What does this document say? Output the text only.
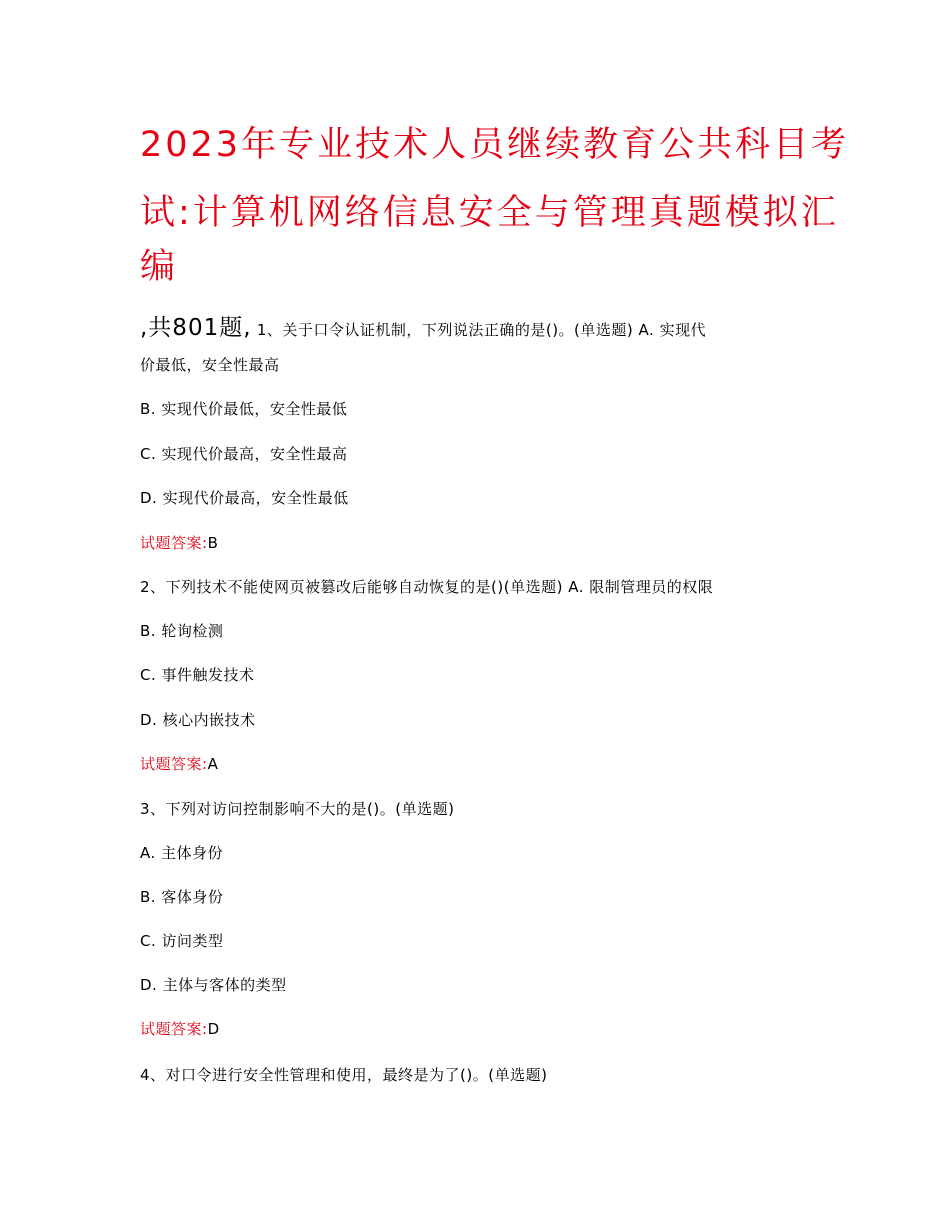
2023年专业技术人员继续教育公共科目考
试:计算机网络信息安全与管理真题模拟汇
编
,共801题, 1、关于口令认证机制，下列说法正确的是()。(单选题) A. 实现代
价最低，安全性最高
B. 实现代价最低，安全性最低
C. 实现代价最高，安全性最高
D. 实现代价最高，安全性最低
试题答案:B
2、下列技术不能使网页被篡改后能够自动恢复的是()(单选题) A. 限制管理员的权限
B. 轮询检测
C. 事件触发技术
D. 核心内嵌技术
试题答案:A
3、下列对访问控制影响不大的是()。(单选题)
A. 主体身份
B. 客体身份
C. 访问类型
D. 主体与客体的类型
试题答案:D
4、对口令进行安全性管理和使用，最终是为了()。(单选题)
